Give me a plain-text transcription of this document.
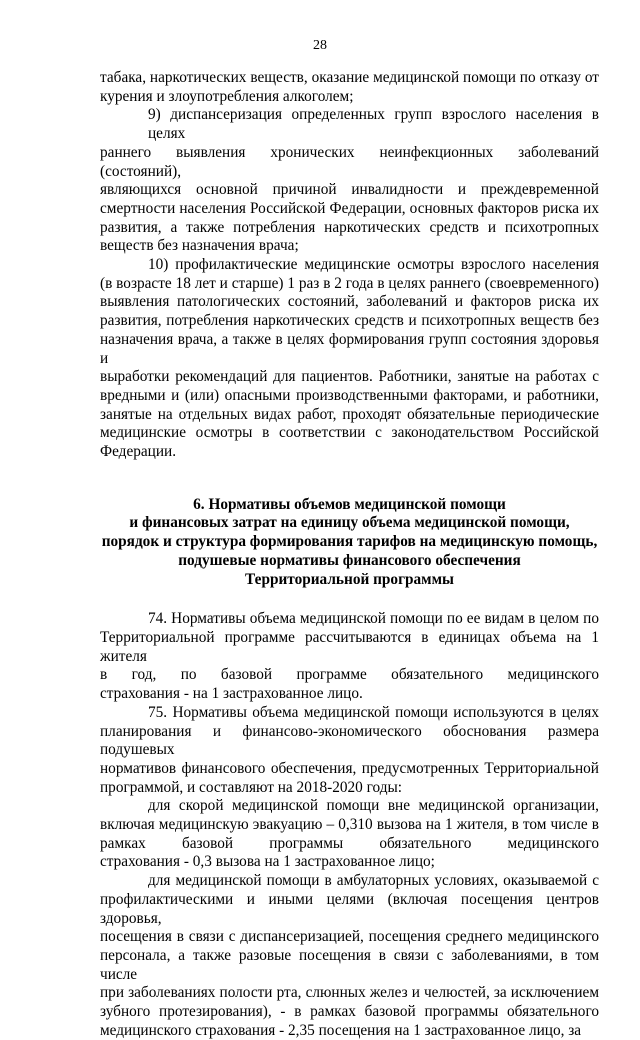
28

табака, наркотических веществ, оказание медицинской помощи по отказу от
курения и злоупотребления алкоголем;

9) диспансеризация определенных групп взрослого населения в целях
раннего выявления хронических неинфекционных заболеваний (состояний),
являющихся основной причиной инвалидности и преждевременной
смертности населения Российской Федерации, основных факторов риска их
развития, а также потребления наркотических средств и психотропных
веществ без назначения врача;

10) профилактические медицинские осмотры взрослого населения
(в возрасте 18 лет и старше) 1 раз в 2 года в целях раннего (своевременного)
выявления патологических состояний, заболеваний и факторов риска их
развития, потребления наркотических средств и психотропных веществ без
назначения врача, а также в целях формирования групп состояния здоровья и
выработки рекомендаций для пациентов. Работники, занятые на работах с
вредными и (или) опасными производственными факторами, и работники,
занятые на отдельных видах работ, проходят обязательные периодические
медицинские осмотры в соответствии с законодательством Российской
Федерации.

6. Нормативы объемов медицинской помощи
и финансовых затрат на единицу объема медицинской помощи,
порядок и структура формирования тарифов на медицинскую помощь,
подушевые нормативы финансового обеспечения
Территориальной программы

74. Нормативы объема медицинской помощи по ее видам в целом по
Территориальной программе рассчитываются в единицах объема на 1 жителя
в год, по базовой программе обязательного медицинского
страхования - на 1 застрахованное лицо.

75. Нормативы объема медицинской помощи используются в целях
планирования и финансово-экономического обоснования размера подушевых
нормативов финансового обеспечения, предусмотренных Территориальной
программой, и составляют на 2018-2020 годы:

для скорой медицинской помощи вне медицинской организации,
включая медицинскую эвакуацию – 0,310 вызова на 1 жителя, в том числе в
рамках базовой программы обязательного медицинского
страхования - 0,3 вызова на 1 застрахованное лицо;

для медицинской помощи в амбулаторных условиях, оказываемой с
профилактическими и иными целями (включая посещения центров здоровья,
посещения в связи с диспансеризацией, посещения среднего медицинского
персонала, а также разовые посещения в связи с заболеваниями, в том числе
при заболеваниях полости рта, слюнных желез и челюстей, за исключением
зубного протезирования), - в рамках базовой программы обязательного
медицинского страхования - 2,35 посещения на 1 застрахованное лицо, за
